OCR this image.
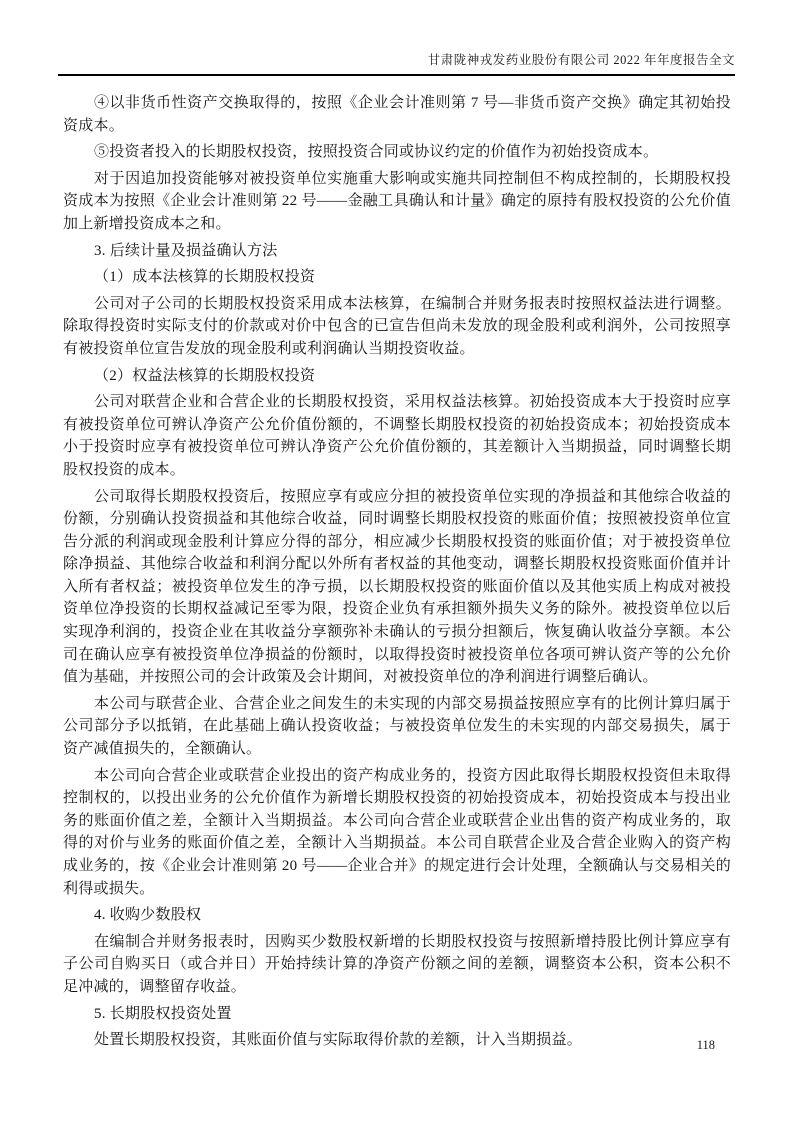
甘肃陇神戎发药业股份有限公司 2022 年年度报告全文

④以非货币性资产交换取得的，按照《企业会计准则第 7 号—非货币资产交换》确定其初始投资成本。

⑤投资者投入的长期股权投资，按照投资合同或协议约定的价值作为初始投资成本。

对于因追加投资能够对被投资单位实施重大影响或实施共同控制但不构成控制的，长期股权投资成本为按照《企业会计准则第 22 号——金融工具确认和计量》确定的原持有股权投资的公允价值加上新增投资成本之和。

3. 后续计量及损益确认方法

（1）成本法核算的长期股权投资

公司对子公司的长期股权投资采用成本法核算，在编制合并财务报表时按照权益法进行调整。除取得投资时实际支付的价款或对价中包含的已宣告但尚未发放的现金股利或利润外，公司按照享有被投资单位宣告发放的现金股利或利润确认当期投资收益。

（2）权益法核算的长期股权投资

公司对联营企业和合营企业的长期股权投资，采用权益法核算。初始投资成本大于投资时应享有被投资单位可辨认净资产公允价值份额的，不调整长期股权投资的初始投资成本；初始投资成本小于投资时应享有被投资单位可辨认净资产公允价值份额的，其差额计入当期损益，同时调整长期股权投资的成本。

公司取得长期股权投资后，按照应享有或应分担的被投资单位实现的净损益和其他综合收益的份额，分别确认投资损益和其他综合收益，同时调整长期股权投资的账面价值；按照被投资单位宣告分派的利润或现金股利计算应分得的部分，相应减少长期股权投资的账面价值；对于被投资单位除净损益、其他综合收益和利润分配以外所有者权益的其他变动，调整长期股权投资账面价值并计入所有者权益；被投资单位发生的净亏损，以长期股权投资的账面价值以及其他实质上构成对被投资单位净投资的长期权益减记至零为限，投资企业负有承担额外损失义务的除外。被投资单位以后实现净利润的，投资企业在其收益分享额弥补未确认的亏损分担额后，恢复确认收益分享额。本公司在确认应享有被投资单位净损益的份额时，以取得投资时被投资单位各项可辨认资产等的公允价值为基础，并按照公司的会计政策及会计期间，对被投资单位的净利润进行调整后确认。

本公司与联营企业、合营企业之间发生的未实现的内部交易损益按照应享有的比例计算归属于公司部分予以抵销，在此基础上确认投资收益；与被投资单位发生的未实现的内部交易损失，属于资产减值损失的，全额确认。

本公司向合营企业或联营企业投出的资产构成业务的，投资方因此取得长期股权投资但未取得控制权的，以投出业务的公允价值作为新增长期股权投资的初始投资成本，初始投资成本与投出业务的账面价值之差，全额计入当期损益。本公司向合营企业或联营企业出售的资产构成业务的，取得的对价与业务的账面价值之差，全额计入当期损益。本公司自联营企业及合营企业购入的资产构成业务的，按《企业会计准则第 20 号——企业合并》的规定进行会计处理，全额确认与交易相关的利得或损失。

4. 收购少数股权

在编制合并财务报表时，因购买少数股权新增的长期股权投资与按照新增持股比例计算应享有子公司自购买日（或合并日）开始持续计算的净资产份额之间的差额，调整资本公积，资本公积不足冲减的，调整留存收益。

5. 长期股权投资处置

处置长期股权投资，其账面价值与实际取得价款的差额，计入当期损益。	118
